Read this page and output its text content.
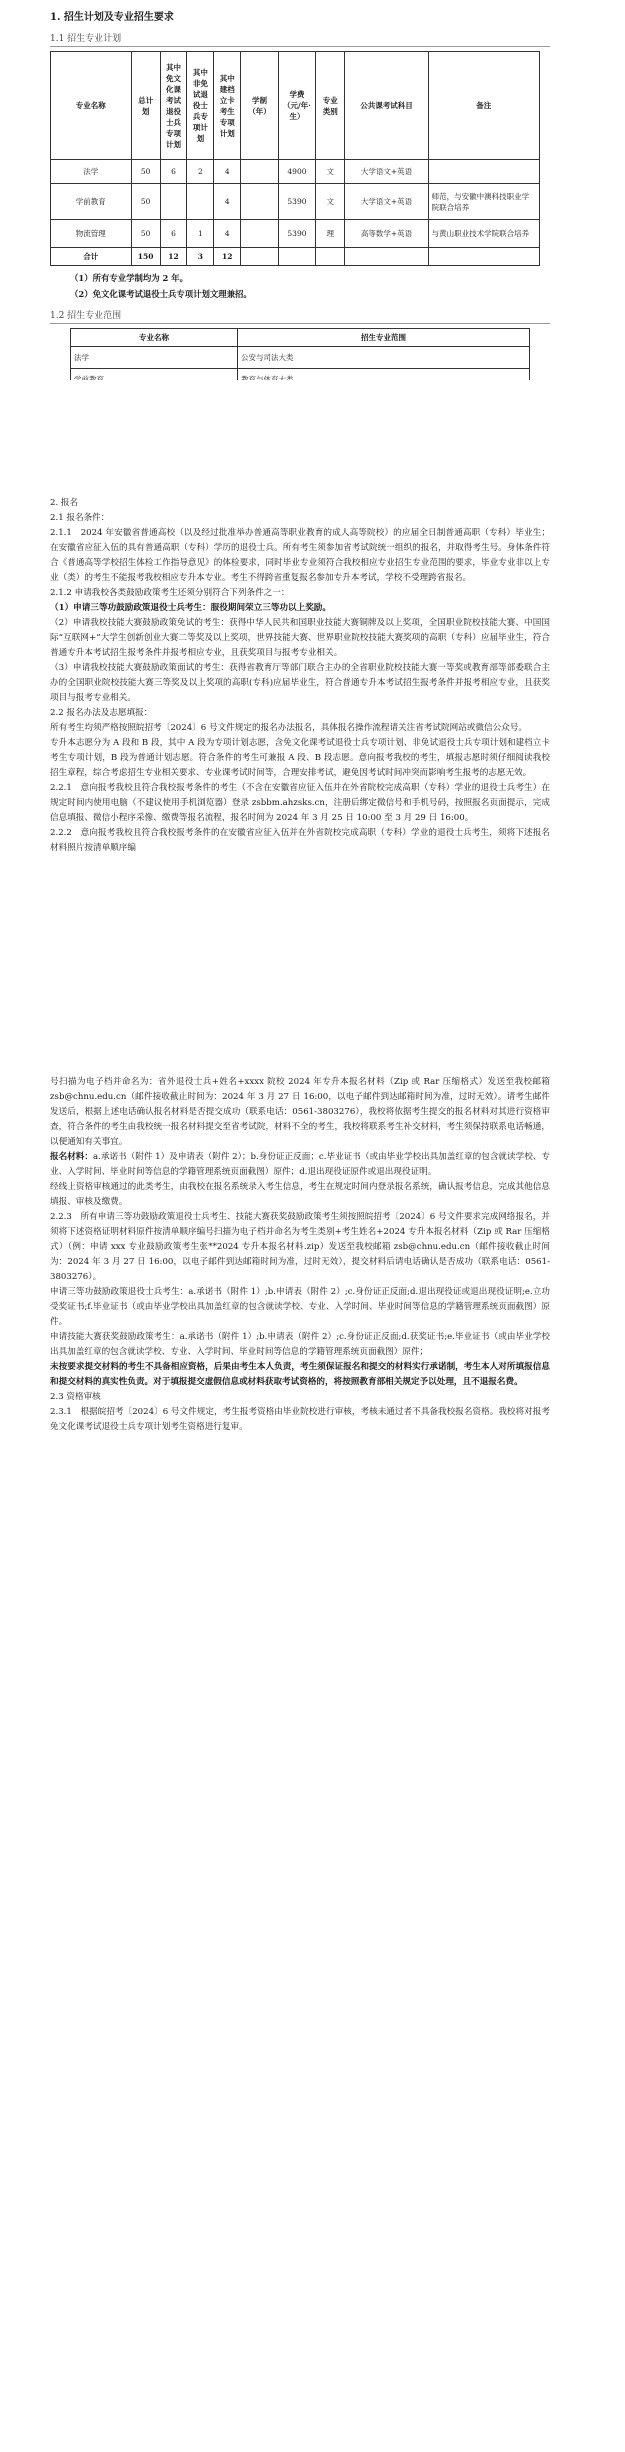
1. 招生计划及专业招生要求
1.1 招生专业计划
专业名称	总计划	其中免文化课考试退役士兵专项计划	其中非免试退役士兵专项计划	其中建档立卡考生专项计划	学制（年）	学费（元/年·生）	专业类别	公共课考试科目	备注
法学	50	6	2	4		4900	文	大学语文+英语	
学前教育	50			4		5390	文	大学语文+英语	师范，与安徽中澳科技职业学院联合培养
物流管理	50	6	1	4		5390	理	高等数学+英语	与黄山职业技术学院联合培养
合计	150	12	3	12					
（1）所有专业学制均为 2 年。
（2）免文化课考试退役士兵专项计划文理兼招。
1.2 招生专业范围
专业名称	招生专业范围
法学	公安与司法大类

2. 报名
2.1 报名条件：

2.1.1　2024 年安徽省普通高校（以及经过批准举办普通高等职业教育的成人高等院校）的应届全日制普通高职（专科）毕业生；在安徽省应征入伍的具有普通高职（专科）学历的退役士兵。所有考生须参加省考试院统一组织的报名，并取得考生号。身体条件符合《普通高等学校招生体检工作指导意见》的体检要求，同时毕业专业须符合我校相应专业招生专业范围的要求，毕业专业非以上专业（类）的考生不能报考我校相应专升本专业。考生不得跨省重复报名参加专升本考试，学校不受理跨省报名。

2.1.2 申请我校各类鼓励政策考生还须分别符合下列条件之一：

（1）申请三等功鼓励政策退役士兵考生：服役期间荣立三等功以上奖励。

（2）申请我校技能大赛鼓励政策免试的考生：获得中华人民共和国职业技能大赛铜牌及以上奖项，全国职业院校技能大赛、中国国际“互联网+”大学生创新创业大赛二等奖及以上奖项，世界技能大赛、世界职业院校技能大赛奖项的高职（专科）应届毕业生，符合普通专升本考试招生报考条件并报考相应专业，且获奖项目与报考专业相关。

（3）申请我校技能大赛鼓励政策面试的考生：获得省教育厅等部门联合主办的全省职业院校技能大赛一等奖或教育部等部委联合主办的全国职业院校技能大赛三等奖及以上奖项的高职(专科)应届毕业生，符合普通专升本考试招生报考条件并报考相应专业，且获奖项目与报考专业相关。

2.2 报名办法及志愿填报：

所有考生均须严格按照皖招考〔2024〕6 号文件规定的报名办法报名，具体报名操作流程请关注省考试院网站或微信公众号。

专升本志愿分为 A 段和 B 段，其中 A 段为专项计划志愿，含免文化课考试退役士兵专项计划、非免试退役士兵专项计划和建档立卡考生专项计划，B 段为普通计划志愿。符合条件的考生可兼报 A 段、B 段志愿。意向报考我校的考生，填报志愿时须仔细阅读我校招生章程，综合考虑招生专业相关要求、专业课考试时间等，合理安排考试，避免因考试时间冲突而影响考生报考的志愿无效。

2.2.1　意向报考我校且符合我校报考条件的考生（不含在安徽省应征入伍并在外省院校完成高职（专科）学业的退役士兵考生）在规定时间内使用电脑（不建议使用手机浏览器）登录 zsbbm.ahzsks.cn，注册后绑定微信号和手机号码，按照报名页面提示，完成信息填报、微信小程序采像、缴费等报名流程，报名时间为 2024 年 3 月 25 日 10:00 至 3 月 29 日 16:00。

2.2.2　意向报考我校且符合我校报考条件的在安徽省应征入伍并在外省院校完成高职（专科）学业的退役士兵考生，须将下述报名材料照片按清单顺序编

号扫描为电子档并命名为：省外退役士兵+姓名+xxxx 院校 2024 年专升本报名材料（Zip 或 Rar 压缩格式）发送至我校邮箱 zsb@chnu.edu.cn（邮件接收截止时间为：2024 年 3 月 27 日 16:00，以电子邮件到达邮箱时间为准，过时无效）。请考生邮件发送后，根据上述电话确认报名材料是否提交成功（联系电话：0561-3803276），我校将依据考生提交的报名材料对其进行资格审查，符合条件的考生由我校统一报名材料提交至省考试院，材料不全的考生，我校将联系考生补交材料，考生须保持联系电话畅通，以便通知有关事宜。

报名材料：a.承诺书（附件 1）及申请表（附件 2）；b.身份证正反面；c.毕业证书（或由毕业学校出具加盖红章的包含就读学校、专业、入学时间、毕业时间等信息的学籍管理系统页面截图）原件；d.退出现役证原件或退出现役证明。

经线上资格审核通过的此类考生，由我校在报名系统录入考生信息，考生在规定时间内登录报名系统，确认报考信息，完成其他信息填报、审核及缴费。

2.2.3　所有申请三等功鼓励政策退役士兵考生、技能大赛获奖鼓励政策考生须按照皖招考〔2024〕6 号文件要求完成网络报名，并须将下述资格证明材料原件按清单顺序编号扫描为电子档并命名为考生类别+考生姓名+2024 专升本报名材料（Zip 或 Rar 压缩格式）（例：申请 xxx 专业鼓励政策考生张**2024 专升本报名材料.zip）发送至我校邮箱 zsb@chnu.edu.cn（邮件接收截止时间为：2024 年 3 月 27 日 16:00，以电子邮件到达邮箱时间为准，过时无效），提交材料后请电话确认是否成功（联系电话：0561-3803276）。

申请三等功鼓励政策退役士兵考生：a.承诺书（附件 1）;b.申请表（附件 2）;c.身份证正反面;d.退出现役证或退出现役证明;e.立功受奖证书;f.毕业证书（或由毕业学校出具加盖红章的包含就读学校、专业、入学时间、毕业时间等信息的学籍管理系统页面截图）原件。

申请技能大赛获奖鼓励政策考生：a.承诺书（附件 1）;b.申请表（附件 2）;c.身份证正反面;d.获奖证书;e.毕业证书（或由毕业学校出具加盖红章的包含就读学校、专业、入学时间、毕业时间等信息的学籍管理系统页面截图）原件；

未按要求提交材料的考生不具备相应资格，后果由考生本人负责，考生须保证报名和提交的材料实行承诺制，考生本人对所填报信息和提交材料的真实性负责。对于填报提交虚假信息或材料获取考试资格的，将按照教育部相关规定予以处理，且不退报名费。

2.3 资格审核

2.3.1　根据皖招考〔2024〕6 号文件规定，考生报考资格由毕业院校进行审核，考核未通过者不具备我校报名资格。我校将对报考免文化课考试退役士兵专项计划考生资格进行复审。
